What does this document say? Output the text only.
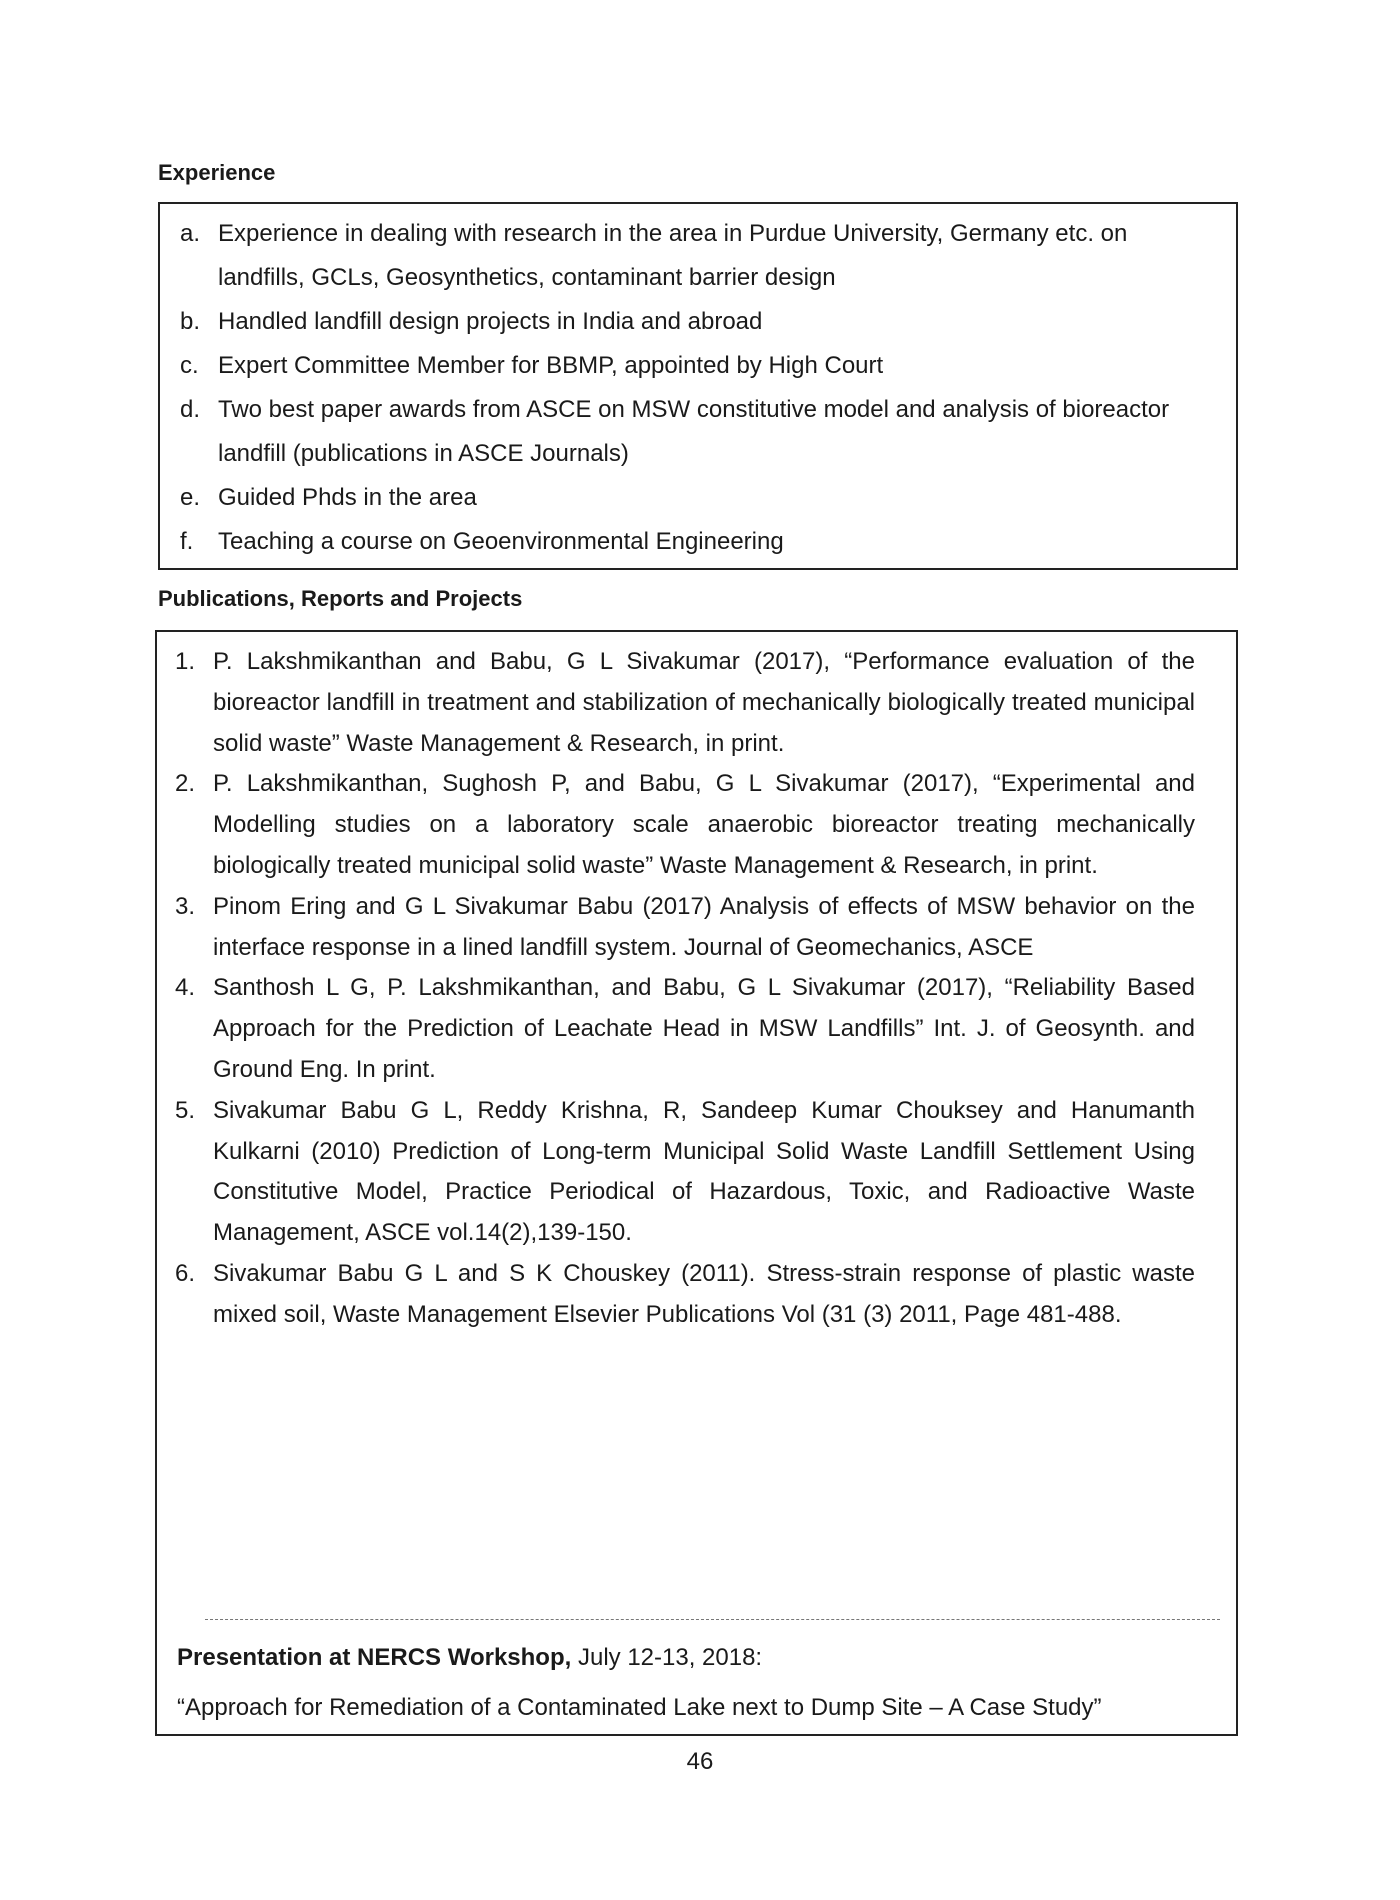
Experience
a. Experience in dealing with research in the area in Purdue University, Germany etc. on landfills, GCLs, Geosynthetics, contaminant barrier design
b. Handled landfill design projects in India and abroad
c. Expert Committee Member for BBMP, appointed by High Court
d. Two best paper awards from ASCE on MSW constitutive model and analysis of bioreactor landfill (publications in ASCE Journals)
e. Guided Phds in the area
f.	Teaching a course on Geoenvironmental Engineering
Publications, Reports and Projects
1. P. Lakshmikanthan and Babu, G L Sivakumar (2017), “Performance evaluation of the bioreactor landfill in treatment and stabilization of mechanically biologically treated municipal solid waste” Waste Management & Research, in print.
2. P. Lakshmikanthan, Sughosh P, and Babu, G L Sivakumar (2017), “Experimental and Modelling studies on a laboratory scale anaerobic bioreactor treating mechanically biologically treated municipal solid waste” Waste Management & Research, in print.
3. Pinom Ering and G L Sivakumar Babu (2017) Analysis of effects of MSW behavior on the interface response in a lined landfill system. Journal of Geomechanics, ASCE
4. Santhosh L G, P. Lakshmikanthan, and Babu, G L Sivakumar (2017), “Reliability Based Approach for the Prediction of Leachate Head in MSW Landfills” Int. J. of Geosynth. and Ground Eng. In print.
5. Sivakumar Babu G L, Reddy Krishna, R, Sandeep Kumar Chouksey and Hanumanth Kulkarni (2010) Prediction of Long-term Municipal Solid Waste Landfill Settlement Using Constitutive Model, Practice Periodical of Hazardous, Toxic, and Radioactive Waste Management, ASCE vol.14(2),139-150.
6. Sivakumar Babu G L and S K Chouskey (2011). Stress-strain response of plastic waste mixed soil, Waste Management Elsevier Publications Vol (31 (3) 2011, Page 481-488.
Presentation at NERCS Workshop, July 12-13, 2018:
“Approach for Remediation of a Contaminated Lake next to Dump Site – A Case Study”
46
